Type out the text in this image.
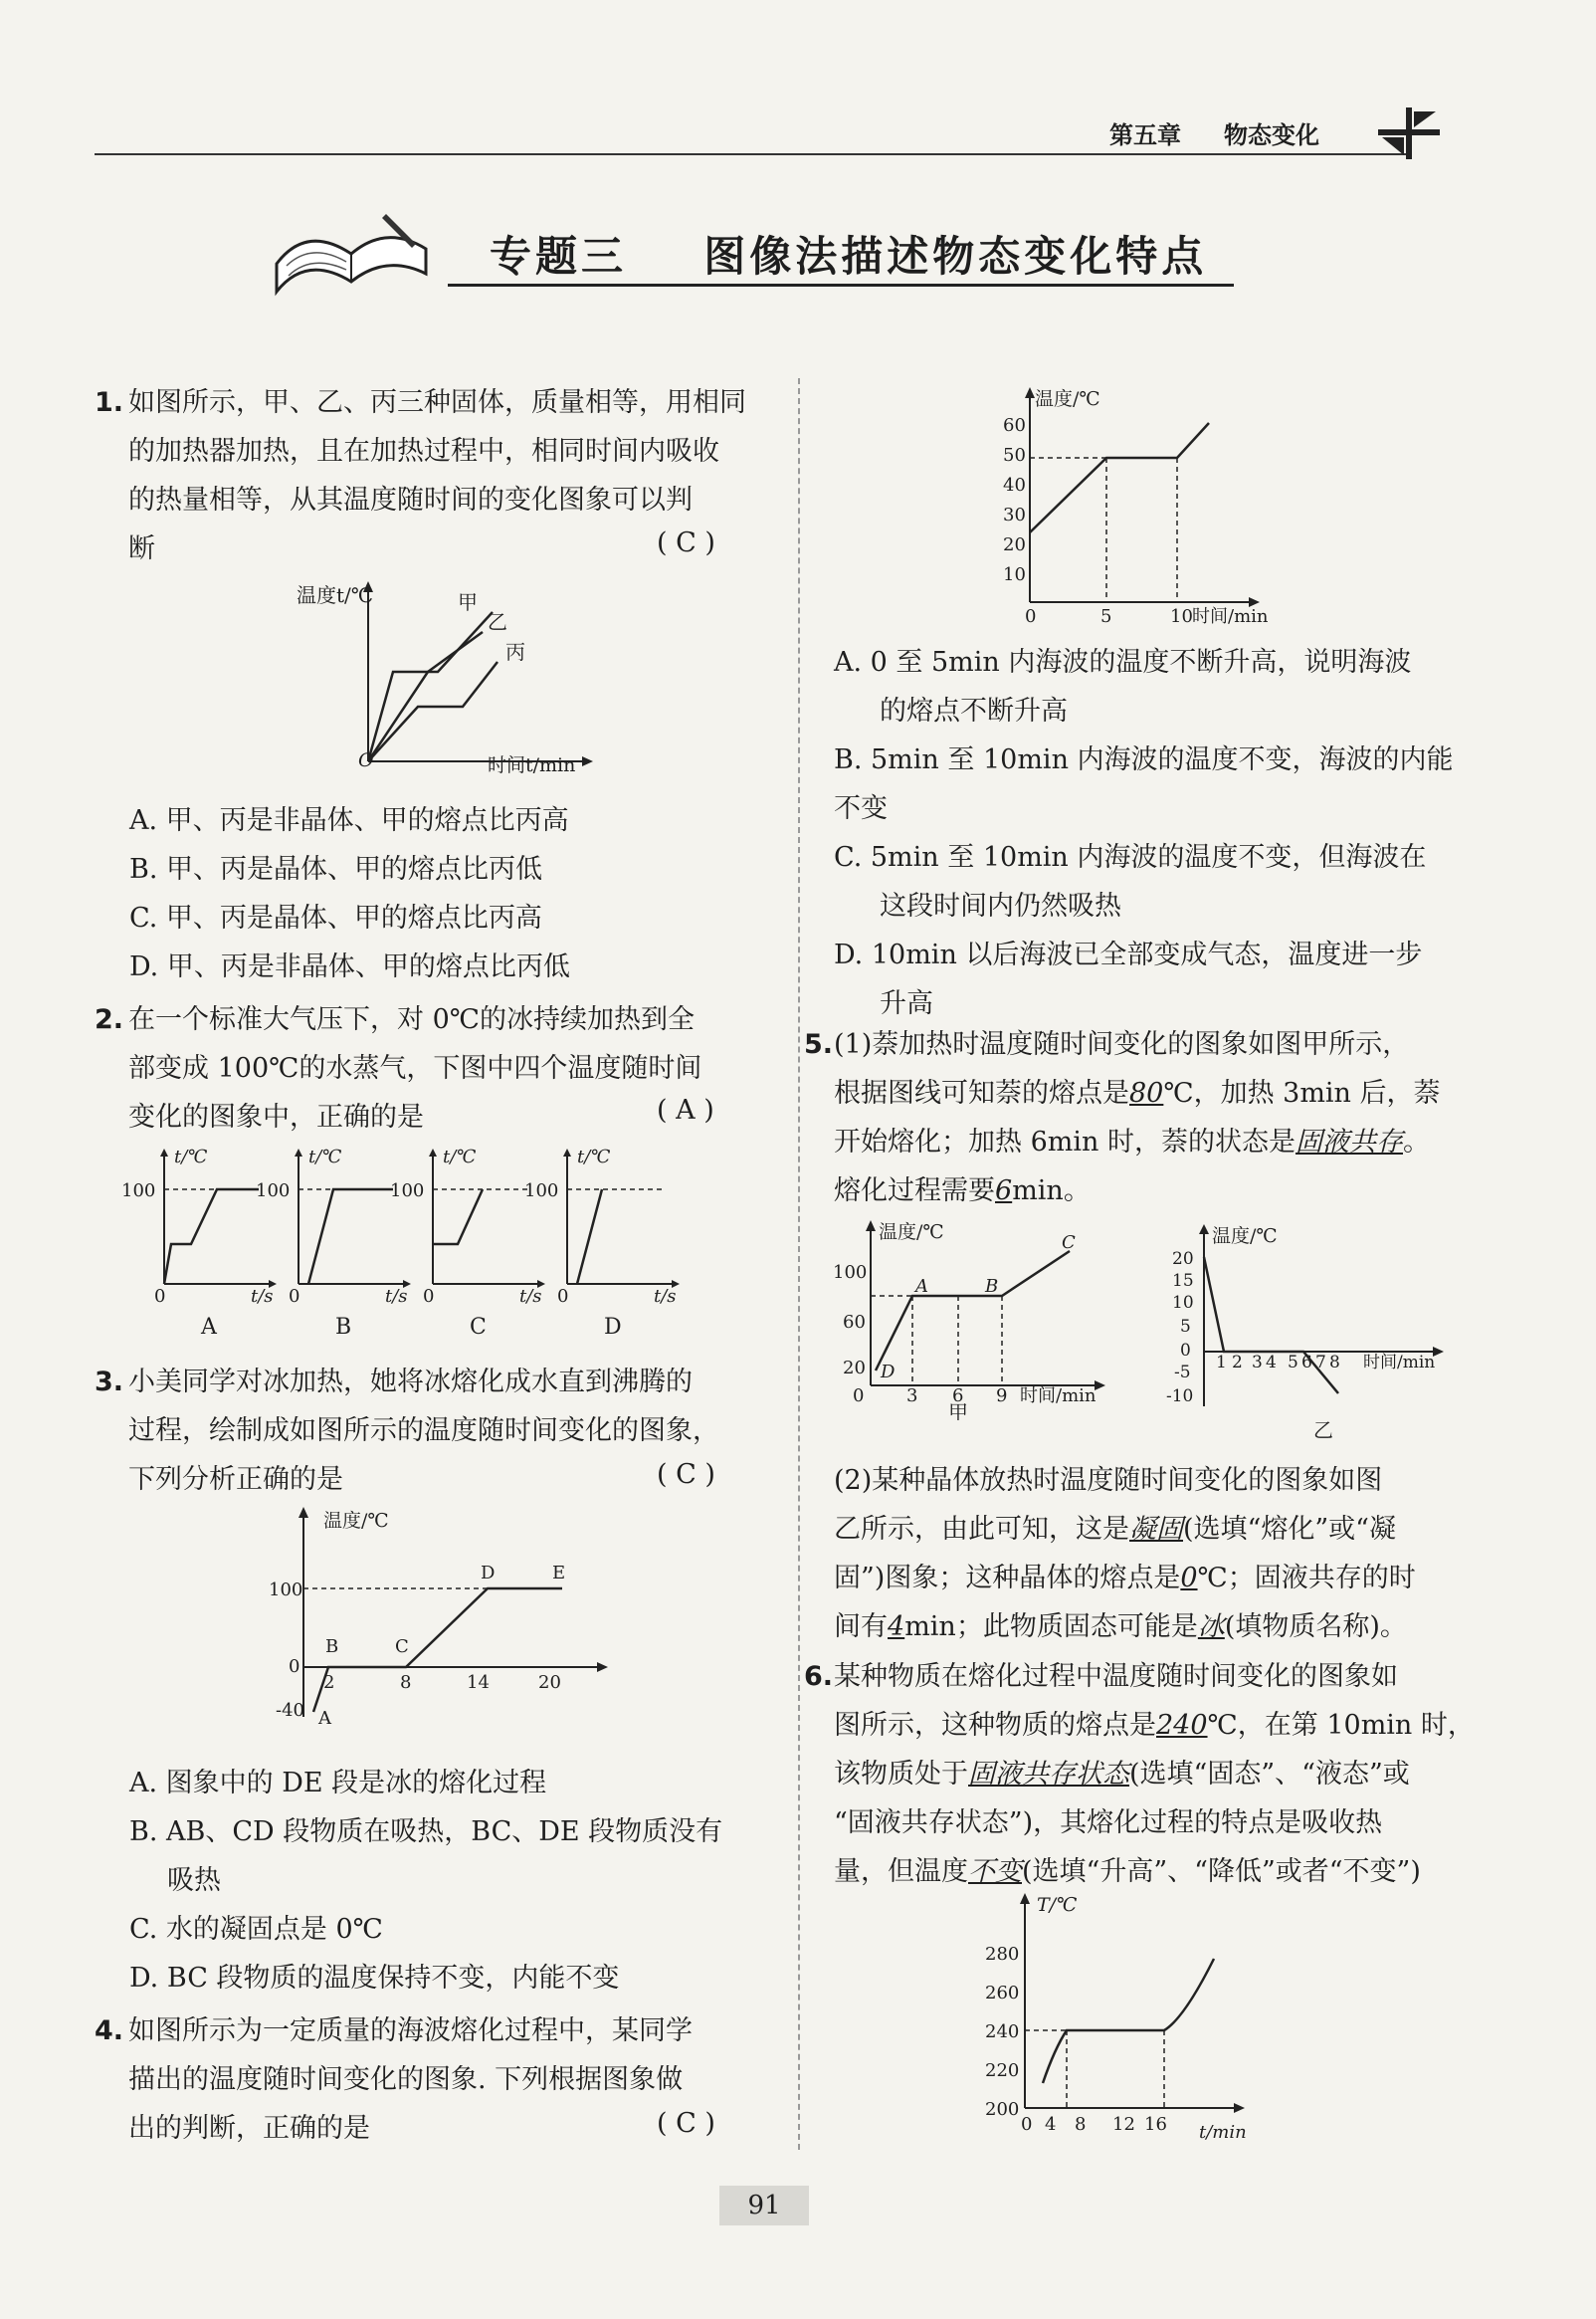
第五章 物态变化
专题三 图像法描述物态变化特点
1. 如图所示，甲、乙、丙三种固体，质量相等，用相同
的加热器加热，且在加热过程中，相同时间内吸收
的热量相等，从其温度随时间的变化图象可以判
断	( C )
温度t/℃
时间t/min
O
甲
乙
丙
A. 甲、丙是非晶体、甲的熔点比丙高
B. 甲、丙是晶体、甲的熔点比丙低
C. 甲、丙是晶体、甲的熔点比丙高
D. 甲、丙是非晶体、甲的熔点比丙低
2. 在一个标准大气压下，对 0℃的冰持续加热到全
部变成 100℃的水蒸气，下图中四个温度随时间
变化的图象中，正确的是	( A )
t/℃
100
0	t/s
A
t/℃
100
0	t/s
B
t/℃
100
0	t/s
C
t/℃
100
0	t/s
D
3. 小美同学对冰加热，她将冰熔化成水直到沸腾的
过程，绘制成如图所示的温度随时间变化的图象，
下列分析正确的是	( C )
温度/℃
100
0
-40
2	8	14	20
A
B	C
D	E
A. 图象中的 DE 段是冰的熔化过程
B. AB、CD 段物质在吸热，BC、DE 段物质没有
吸热
C. 水的凝固点是 0℃
D. BC 段物质的温度保持不变，内能不变
4. 如图所示为一定质量的海波熔化过程中，某同学
描出的温度随时间变化的图象. 下列根据图象做
出的判断，正确的是	( C )
温度/℃
60
50
40
30
20
10
0	5	10 时间/min
A. 0 至 5min 内海波的温度不断升高，说明海波
的熔点不断升高
B. 5min 至 10min 内海波的温度不变，海波的内能
不变
C. 5min 至 10min 内海波的温度不变，但海波在
这段时间内仍然吸热
D. 10min 以后海波已全部变成气态，温度进一步
升高
5. (1)萘加热时温度随时间变化的图象如图甲所示，
根据图线可知萘的熔点是80℃，加热 3min 后，萘
开始熔化；加热 6min 时，萘的状态是固液共存。
熔化过程需要6min。
温度/℃
100
60
20
0 3 6 9 时间/min
A	B
C
D
甲
温度/℃
20
15
10
5
0
-5
-10
1 2 3 4 5 6 7 8 时间/min
乙
(2)某种晶体放热时温度随时间变化的图象如图
乙所示，由此可知，这是凝固(选填“熔化”或“凝
固”)图象；这种晶体的熔点是0℃；固液共存的时
间有4min；此物质固态可能是冰(填物质名称)。
6. 某种物质在熔化过程中温度随时间变化的图象如
图所示，这种物质的熔点是240℃，在第 10min 时，
该物质处于固液共存状态(选填“固态”、“液态”或
“固液共存状态”)，其熔化过程的特点是吸收热
量，但温度不变(选填“升高”、“降低”或者“不变”)
T/℃
280
260
240
220
200
0 4 8 12 16 t/min
91
